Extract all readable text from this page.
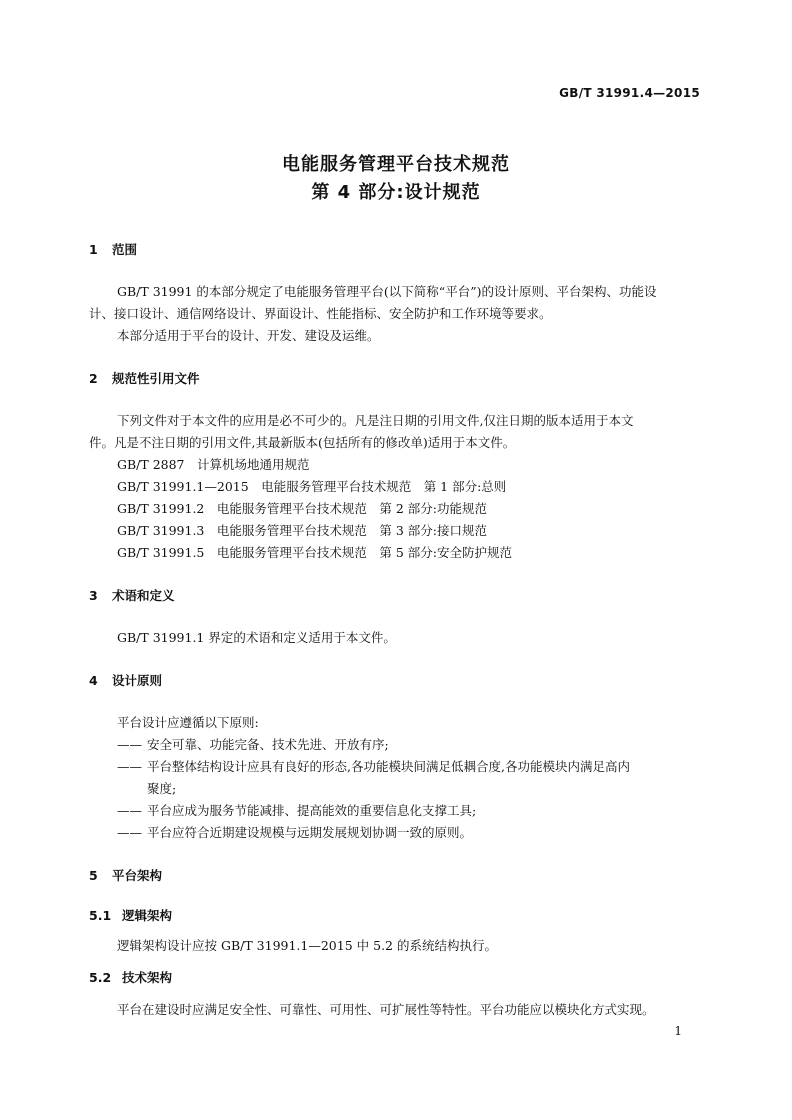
GB/T 31991.4—2015
电能服务管理平台技术规范
第 4 部分:设计规范
1 范围
GB/T 31991 的本部分规定了电能服务管理平台(以下简称“平台”)的设计原则、平台架构、功能设
计、接口设计、通信网络设计、界面设计、性能指标、安全防护和工作环境等要求。
本部分适用于平台的设计、开发、建设及运维。
2 规范性引用文件
下列文件对于本文件的应用是必不可少的。凡是注日期的引用文件,仅注日期的版本适用于本文
件。凡是不注日期的引用文件,其最新版本(包括所有的修改单)适用于本文件。
GB/T 2887　计算机场地通用规范
GB/T 31991.1—2015　电能服务管理平台技术规范　第 1 部分:总则
GB/T 31991.2　电能服务管理平台技术规范　第 2 部分:功能规范
GB/T 31991.3　电能服务管理平台技术规范　第 3 部分:接口规范
GB/T 31991.5　电能服务管理平台技术规范　第 5 部分:安全防护规范
3 术语和定义
GB/T 31991.1 界定的术语和定义适用于本文件。
4 设计原则
平台设计应遵循以下原则:
—— 安全可靠、功能完备、技术先进、开放有序;
—— 平台整体结构设计应具有良好的形态,各功能模块间满足低耦合度,各功能模块内满足高内
聚度;
—— 平台应成为服务节能减排、提高能效的重要信息化支撑工具;
—— 平台应符合近期建设规模与远期发展规划协调一致的原则。
5 平台架构
5.1 逻辑架构
逻辑架构设计应按 GB/T 31991.1—2015 中 5.2 的系统结构执行。
5.2 技术架构
平台在建设时应满足安全性、可靠性、可用性、可扩展性等特性。平台功能应以模块化方式实现。
1
